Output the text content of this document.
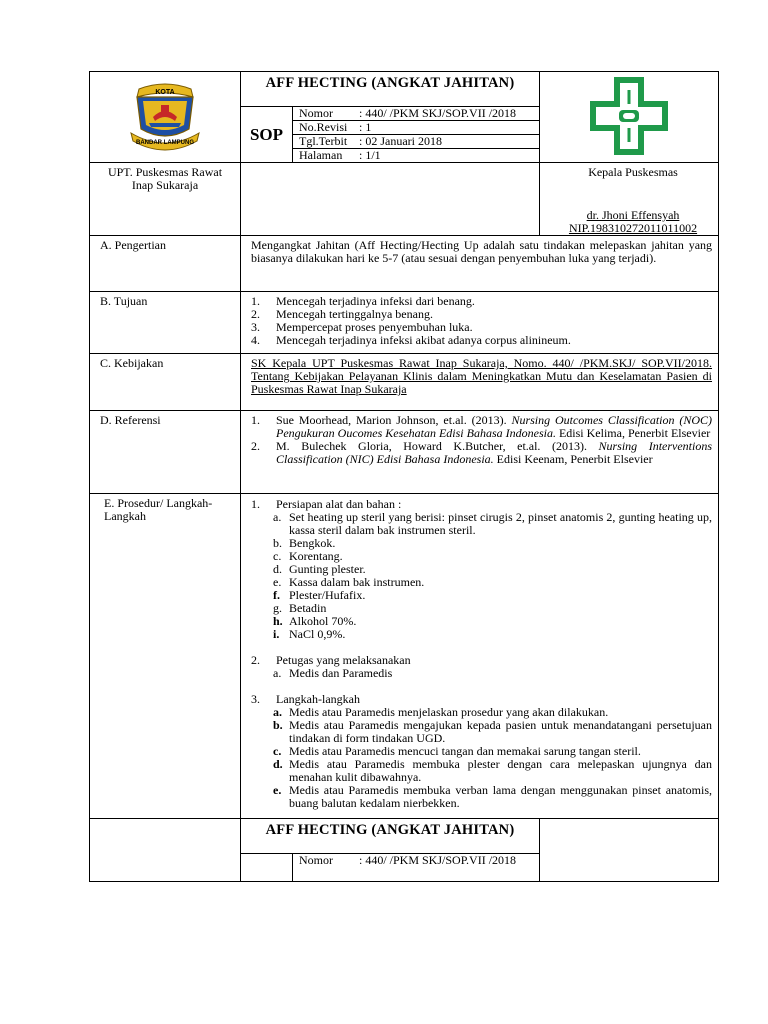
KOTA
BANDAR LAMPUNG
	AFF HECTING (ANGKAT JAHITAN)	
SOP	
Nomor	: 440/ /PKM SKJ/SOP.VII /2018

No.Revisi	: 1

Tgl.Terbit	: 02 Januari 2018

Halaman	: 1/1

UPT. Puskesmas Rawat Inap Sukaraja		
Kepala Puskesmas
dr. Jhoni Effensyah
NIP.198310272011011002

A. Pengertian	Mengangkat Jahitan (Aff Hecting/Hecting Up adalah satu tindakan melepaskan jahitan yang biasanya dilakukan hari ke 5-7 (atau sesuai dengan penyembuhan luka yang terjadi).
B. Tujuan	1. Mencegah terjadinya infeksi dari benang.
2. Mencegah tertinggalnya benang.
3. Mempercepat proses penyembuhan luka.
4. Mencegah terjadinya infeksi akibat adanya corpus alinineum.

C. Kebijakan	SK Kepala UPT Puskesmas Rawat Inap Sukaraja, Nomo. 440/ /PKM.SKJ/ SOP.VII/2018. Tentang Kebijakan Pelayanan Klinis dalam Meningkatkan Mutu dan Keselamatan Pasien di Puskesmas Rawat Inap Sukaraja
D. Referensi	1. Sue Moorhead, Marion Johnson, et.al. (2013). Nursing Outcomes Classification (NOC) Pengukuran Oucomes Kesehatan Edisi Bahasa Indonesia. Edisi Kelima, Penerbit Elsevier
2. M. Bulechek Gloria, Howard K.Butcher, et.al. (2013). Nursing Interventions Classification (NIC) Edisi Bahasa Indonesia. Edisi Keenam, Penerbit Elsevier

E. Prosedur/ Langkah-Langkah	
1. Persiapan alat dan bahan :
a. Set heating up steril yang berisi: pinset cirugis 2, pinset anatomis 2, gunting heating up, kassa steril dalam bak instrumen steril.
b. Bengkok.
c. Korentang.
d. Gunting plester.
e. Kassa dalam bak instrumen.
f. Plester/Hufafix.
g. Betadin
h. Alkohol 70%.
i. NaCl 0,9%.
2. Petugas yang melaksanakan
a. Medis dan Paramedis
3. Langkah-langkah
a. Medis atau Paramedis menjelaskan prosedur yang akan dilakukan.
b. Medis atau Paramedis mengajukan kepada pasien untuk menandatangani persetujuan tindakan di form tindakan UGD.
c. Medis atau Paramedis mencuci tangan dan memakai sarung tangan steril.
d. Medis atau Paramedis membuka plester dengan cara melepaskan ujungnya dan menahan kulit dibawahnya.
e. Medis atau Paramedis membuka verban lama dengan menggunakan pinset anatomis, buang balutan kedalam nierbekken.

	AFF HECTING (ANGKAT JAHITAN)	

Nomor	: 440/ /PKM SKJ/SOP.VII /2018
